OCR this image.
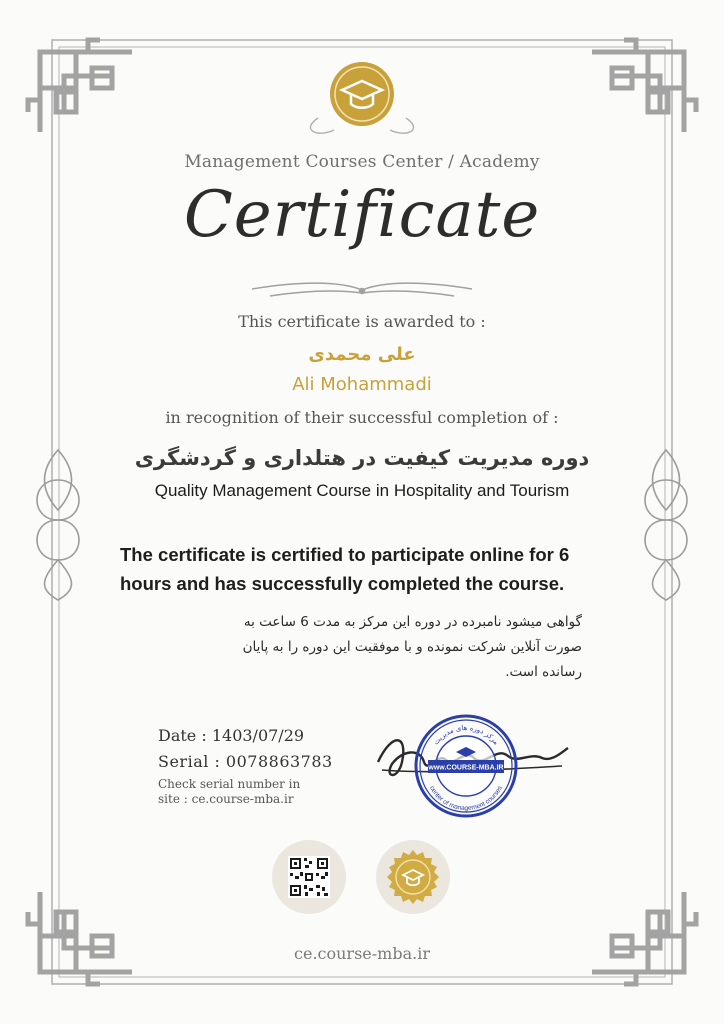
Management Courses Center / Academy
Certificate
This certificate is awarded to :
علی محمدی
Ali Mohammadi
in recognition of their successful completion of :
دوره مدیریت کیفیت در هتلداری و گردشگری
Quality Management Course in Hospitality and Tourism
The certificate is certified to participate online for 6 hours and has successfully completed the course.
گواهی میشود نامبرده در دوره این مرکز به مدت 6 ساعت به صورت آنلاین شرکت نمونده و با موفقیت این دوره را به پایان رسانده است.
Date : 1403/07/29
Serial : 0078863783
Check serial number in
site : ce.course-mba.ir
مرکز دوره های مدیریت
www.COURSE-MBA.IR
center of management courses
ce.course-mba.ir
